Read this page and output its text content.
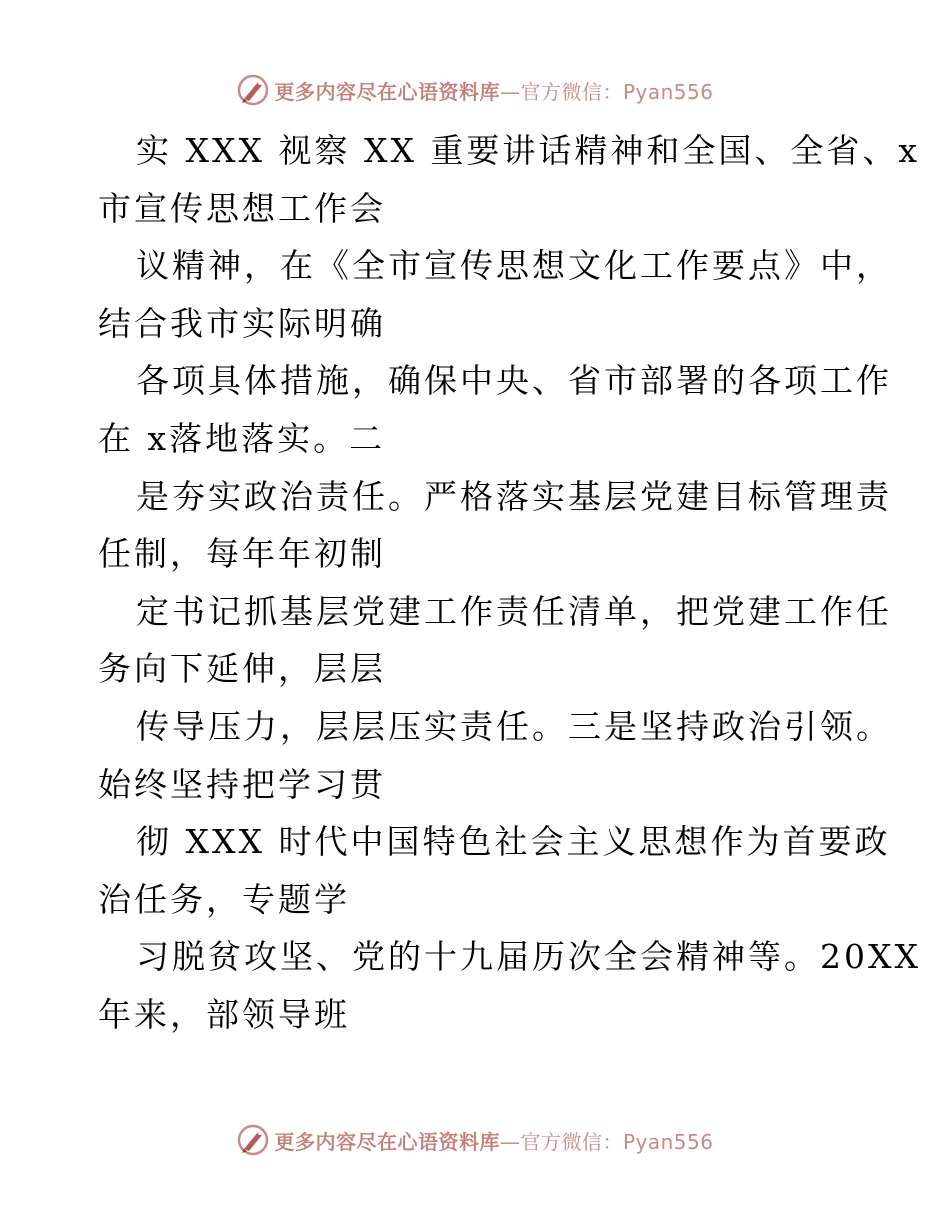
更多内容尽在心语资料库—官方微信：Pyan556
实 XXX 视察 XX 重要讲话精神和全国、全省、x
市宣传思想工作会
议精神，在《全市宣传思想文化工作要点》中，
结合我市实际明确
各项具体措施，确保中央、省市部署的各项工作
在 x落地落实。二
是夯实政治责任。严格落实基层党建目标管理责
任制，每年年初制
定书记抓基层党建工作责任清单，把党建工作任
务向下延伸，层层
传导压力，层层压实责任。三是坚持政治引领。
始终坚持把学习贯
彻 XXX 时代中国特色社会主义思想作为首要政
治任务，专题学
习脱贫攻坚、党的十九届历次全会精神等。20XX
年来，部领导班
更多内容尽在心语资料库—官方微信：Pyan556
